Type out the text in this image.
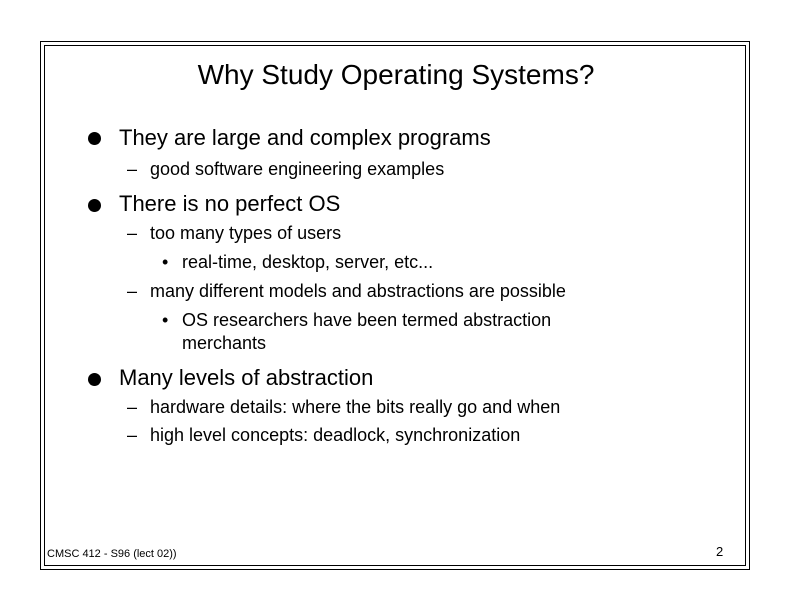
Why Study Operating Systems?
They are large and complex programs
– good software engineering examples
There is no perfect OS
– too many types of users
• real-time, desktop, server, etc...
– many different models and abstractions are possible
• OS researchers have been termed abstraction
merchants
Many levels of abstraction
– hardware details: where the bits really go and when
– high level concepts: deadlock, synchronization
CMSC 412 - S96 (lect 02))	2
